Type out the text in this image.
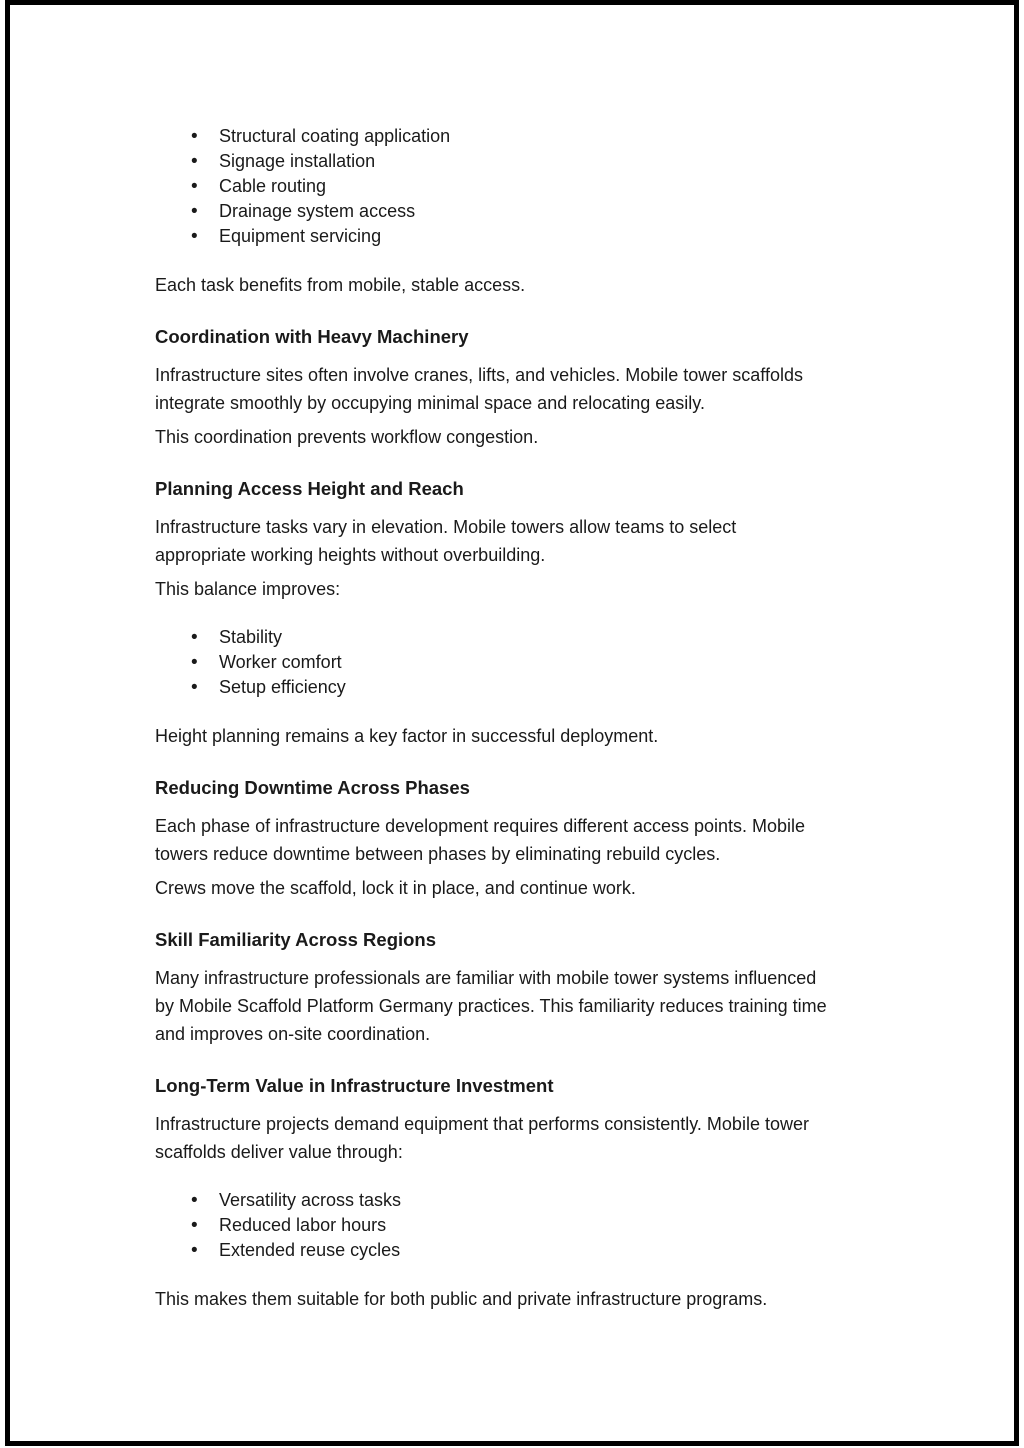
• Structural coating application
• Signage installation
• Cable routing
• Drainage system access
• Equipment servicing
Each task benefits from mobile, stable access.
Coordination with Heavy Machinery
Infrastructure sites often involve cranes, lifts, and vehicles. Mobile tower scaffolds
integrate smoothly by occupying minimal space and relocating easily.
This coordination prevents workflow congestion.
Planning Access Height and Reach
Infrastructure tasks vary in elevation. Mobile towers allow teams to select
appropriate working heights without overbuilding.
This balance improves:
• Stability
• Worker comfort
• Setup efficiency
Height planning remains a key factor in successful deployment.
Reducing Downtime Across Phases
Each phase of infrastructure development requires different access points. Mobile
towers reduce downtime between phases by eliminating rebuild cycles.
Crews move the scaffold, lock it in place, and continue work.
Skill Familiarity Across Regions
Many infrastructure professionals are familiar with mobile tower systems influenced
by Mobile Scaffold Platform Germany practices. This familiarity reduces training time
and improves on-site coordination.
Long-Term Value in Infrastructure Investment
Infrastructure projects demand equipment that performs consistently. Mobile tower
scaffolds deliver value through:
• Versatility across tasks
• Reduced labor hours
• Extended reuse cycles
This makes them suitable for both public and private infrastructure programs.
